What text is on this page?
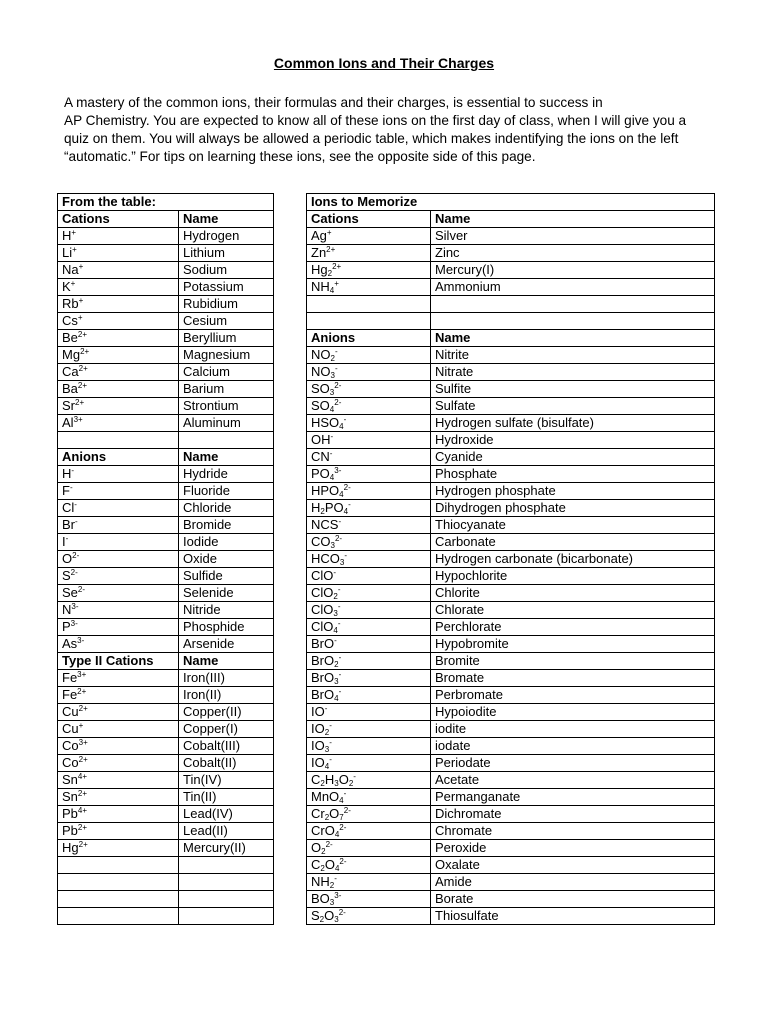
Common Ions and Their Charges

A mastery of the common ions, their formulas and their charges, is essential to success in
AP Chemistry. You are expected to know all of these ions on the first day of class, when I will give you a
quiz on them. You will always be allowed a periodic table, which makes indentifying the ions on the left
“automatic.” For tips on learning these ions, see the opposite side of this page.

From the table:	
Cations	Name
H+	Hydrogen
Li+	Lithium
Na+	Sodium
K+	Potassium
Rb+	Rubidium
Cs+	Cesium
$Be^{2+}$	Beryllium
$Mg^{2+}$	Magnesium
$Ca^{2+}$	Calcium
$Ba^{2+}$	Barium
$Sr^{2+}$	Strontium
$Al^{3+}$	Aluminum

Anions	Name
H-	Hydride
F-	Fluoride
Cl-	Chloride
Br-	Bromide
I-	Iodide
$O^{2-}$	Oxide
$S^{2-}$	Sulfide
$Se^{2-}$	Selenide
$N^{3-}$	Nitride
$P^{3-}$	Phosphide
$As^{3-}$	Arsenide
Type II Cations	Name
$Fe^{3+}$	Iron(III)
$Fe^{2+}$	Iron(II)
$Cu^{2+}$	Copper(II)
Cu+	Copper(I)
$Co^{3+}$	Cobalt(III)
$Co^{2+}$	Cobalt(II)
$Sn^{4+}$	Tin(IV)
$Sn^{2+}$	Tin(II)
$Pb^{4+}$	Lead(IV)
$Pb^{2+}$	Lead(II)
$Hg^{2+}$	Mercury(II)

Ions to Memorize	
Cations	Name
Ag+	Silver
$Zn^{2+}$	Zinc
$Hg_2^{2+}$	Mercury(I)
$NH_4^+$	Ammonium

Anions	Name
$NO_2^-$	Nitrite
$NO_3^-$	Nitrate
$SO_3^{2-}$	Sulfite
$SO_4^{2-}$	Sulfate
$HSO_4^-$	Hydrogen sulfate (bisulfate)
OH-	Hydroxide
CN-	Cyanide
$PO_4^{3-}$	Phosphate
$HPO_4^{2-}$	Hydrogen phosphate
$H_2PO_4^-$	Dihydrogen phosphate
NCS-	Thiocyanate
$CO_3^{2-}$	Carbonate
$HCO_3^-$	Hydrogen carbonate (bicarbonate)
ClO-	Hypochlorite
ClO$_2$-	Chlorite
ClO$_3$-	Chlorate
ClO$_4$-	Perchlorate
BrO-	Hypobromite
BrO$_2$-	Bromite
BrO$_3$-	Bromate
BrO$_4$-	Perbromate
IO-	Hypoiodite
$IO_2^-$	iodite
$IO_3^-$	iodate
$IO_4^-$	Periodate
$C_2H_3O_2^-$	Acetate
MnO$_4$-	Permanganate
$Cr_2O_7^{2-}$	Dichromate
CrO$_4^{2-}$	Chromate
$O_2^{2-}$	Peroxide
$C_2O_4^{2-}$	Oxalate
$NH_2^-$	Amide
$BO_3^{3-}$	Borate
$S_2O_3^{2-}$	Thiosulfate
